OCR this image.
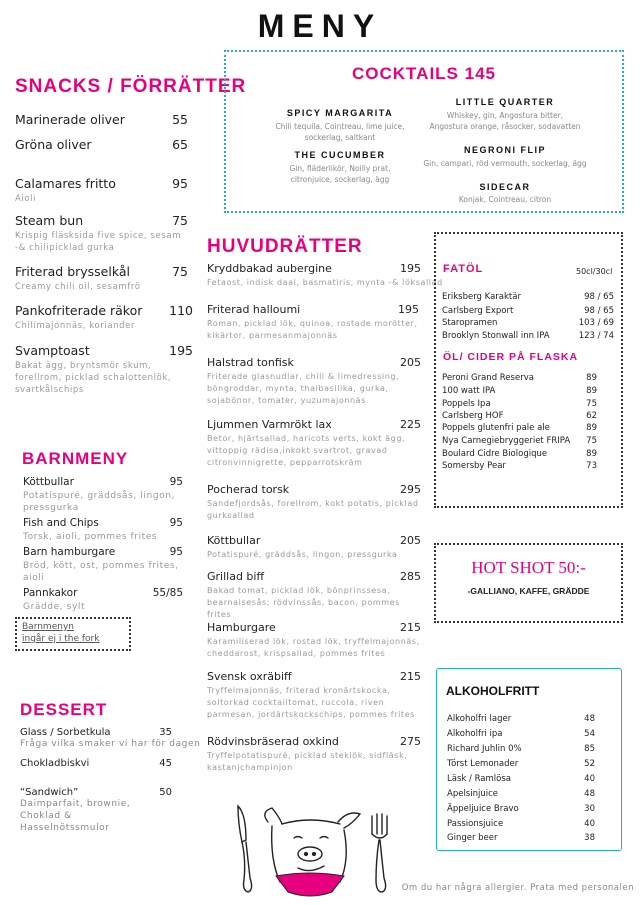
MENY
SNACKS / FÖRRÄTTER
Marinerade oliver	55
Gröna oliver	65
Calamares fritto	95
Aioli
Steam bun	75
Krispig fläsksida five spice, sesam -& chilipicklad gurka
Friterad brysselkål	75
Creamy chili oil, sesamfrö
Pankofriterade räkor 110
Chilimajonnäs, koriander
Svamptoast	195
Bakat ägg, bryntsmör skum, forellrom, picklad schalottenlök, svartkålschips
BARNMENY
Köttbullar	95
Potatispuré, gräddsås, lingon, pressgurka
Fish and Chips	95
Torsk, aioli, pommes frites
Barn hamburgare	95
Bröd, kött, ost, pommes frites, aioli
Pannkakor	55/85
Grädde, sylt
Barnmenyn
ingår ej i the fork
DESSERT
Glass / Sorbetkula	35
Fråga vilka smaker vi har för dagen
Chokladbiskvi	45
“Sandwich”	50
Daimparfait, brownie, Choklad & Hasselnötssmulor
COCKTAILS 145
SPICY MARGARITA
Chili tequila, Cointreau, lime juice, sockerlag, saltkant
LITTLE QUARTER
Whiskey, gin, Angostura bitter, Angostura orange, råsocker, sodavatten
THE CUCUMBER
Gin, fläderlikör, Noilly prat, citronjuice, sockerlag, ägg
NEGRONI FLIP
Gin, campari, röd vermouth, sockerlag, ägg
SIDECAR
Konjak, Cointreau, citron
HUVUDRÄTTER
Kryddbakad aubergine	195
Fetaost, indisk daal, basmatiris, mynta -& löksallad
Friterad halloumi	195
Roman, picklad lök, quinoa, rostade morötter, kikärtor, parmesanmajonnäs
Halstrad tonfisk	205
Friterade glasnudlar, chili & limedressing, böngroddar, mynta, thaibasilika, gurka, sojabönor, tomater, yuzumajonnäs
Ljummen Varmrökt lax	225
Betor, hjärtsallad, haricots verts, kokt ägg, vittoppig rädisa,inkokt svartrot, gravad citronvinnigrette, pepparrotskräm
Pocherad torsk	295
Sandefjordsås, forellrom, kokt potatis, picklad gurksallad
Köttbullar	205
Potatispuré, gräddsås, lingon, pressgurka
Grillad biff	285
Bakad tomat, picklad lök, bönprinssesa, bearnaisesås; rödvinssås, bacon, pommes frites
Hamburgare	215
Karamiliserad lök, rostad lök, tryffelmajonnäs, cheddarost, krispsallad, pommes frites
Svensk oxräbiff	215
Tryffelmajonnäs, friterad kronärtskocka, soltorkad cocktailtomat, ruccola, riven parmesan, jordärtskockschips, pommes frites
Rödvinsbräserad oxkind	275
Tryffelpotatispuré, picklad steklök, sidfläsk, kastanjchampinjon
FATÖL	50cl/30cl
Eriksberg Karaktär	98 / 65
Carlsberg Export	98 / 65
Staropramen	103 / 69
Brooklyn Stonwall inn IPA	123 / 74
ÖL/ CIDER PÅ FLASKA
Peroni Grand Reserva	89
100 watt IPA	89
Poppels Ipa	75
Carlsberg HOF	62
Poppels glutenfri pale ale	89
Nya Carnegiebryggeriet FRIPA 75
Boulard Cidre Biologique	89
Somersby Pear	73
HOT SHOT 50:-
-GALLIANO, KAFFE, GRÄDDE
ALKOHOLFRITT
Alkoholfri lager	48
Alkoholfri ipa	54
Richard Juhlin 0%	85
Törst Lemonader	52
Läsk / Ramlösa	40
Apelsinjuice	48
Äppeljuice Bravo	30
Passionsjuice	40
Ginger beer	38
Om du har några allergier. Prata med personalen
